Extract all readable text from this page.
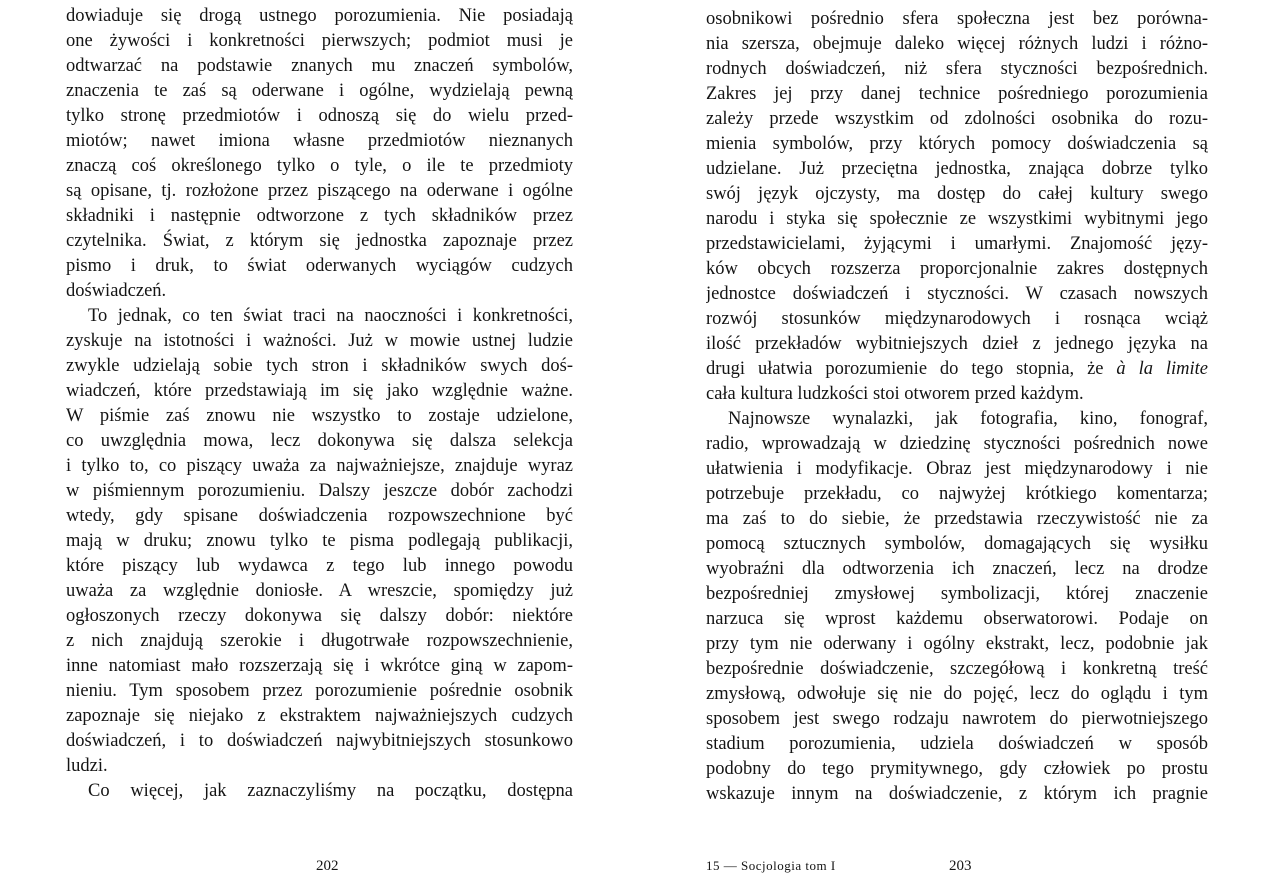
dowiaduje się drogą ustnego porozumienia. Nie posiadają
one żywości i konkretności pierwszych; podmiot musi je
odtwarzać na podstawie znanych mu znaczeń symbolów,
znaczenia te zaś są oderwane i ogólne, wydzielają pewną
tylko stronę przedmiotów i odnoszą się do wielu przed-
miotów; nawet imiona własne przedmiotów nieznanych
znaczą coś określonego tylko o tyle, o ile te przedmioty
są opisane, tj. rozłożone przez piszącego na oderwane i ogólne
składniki i następnie odtworzone z tych składników przez
czytelnika. Świat, z którym się jednostka zapoznaje przez
pismo i druk, to świat oderwanych wyciągów cudzych
doświadczeń.
To jednak, co ten świat traci na naoczności i konkretności,
zyskuje na istotności i ważności. Już w mowie ustnej ludzie
zwykle udzielają sobie tych stron i składników swych doś-
wiadczeń, które przedstawiają im się jako względnie ważne.
W piśmie zaś znowu nie wszystko to zostaje udzielone,
co uwzględnia mowa, lecz dokonywa się dalsza selekcja
i tylko to, co piszący uważa za najważniejsze, znajduje wyraz
w piśmiennym porozumieniu. Dalszy jeszcze dobór zachodzi
wtedy, gdy spisane doświadczenia rozpowszechnione być
mają w druku; znowu tylko te pisma podlegają publikacji,
które piszący lub wydawca z tego lub innego powodu
uważa za względnie doniosłe. A wreszcie, spomiędzy już
ogłoszonych rzeczy dokonywa się dalszy dobór: niektóre
z nich znajdują szerokie i długotrwałe rozpowszechnienie,
inne natomiast mało rozszerzają się i wkrótce giną w zapom-
nieniu. Tym sposobem przez porozumienie pośrednie osobnik
zapoznaje się niejako z ekstraktem najważniejszych cudzych
doświadczeń, i to doświadczeń najwybitniejszych stosunkowo
ludzi.
Co więcej, jak zaznaczyliśmy na początku, dostępna
202
osobnikowi pośrednio sfera społeczna jest bez porówna-
nia szersza, obejmuje daleko więcej różnych ludzi i różno-
rodnych doświadczeń, niż sfera styczności bezpośrednich.
Zakres jej przy danej technice pośredniego porozumienia
zależy przede wszystkim od zdolności osobnika do rozu-
mienia symbolów, przy których pomocy doświadczenia są
udzielane. Już przeciętna jednostka, znająca dobrze tylko
swój język ojczysty, ma dostęp do całej kultury swego
narodu i styka się społecznie ze wszystkimi wybitnymi jego
przedstawicielami, żyjącymi i umarłymi. Znajomość języ-
ków obcych rozszerza proporcjonalnie zakres dostępnych
jednostce doświadczeń i styczności. W czasach nowszych
rozwój stosunków międzynarodowych i rosnąca wciąż
ilość przekładów wybitniejszych dzieł z jednego języka na
drugi ułatwia porozumienie do tego stopnia, że à la limite
cała kultura ludzkości stoi otworem przed każdym.
Najnowsze wynalazki, jak fotografia, kino, fonograf,
radio, wprowadzają w dziedzinę styczności pośrednich nowe
ułatwienia i modyfikacje. Obraz jest międzynarodowy i nie
potrzebuje przekładu, co najwyżej krótkiego komentarza;
ma zaś to do siebie, że przedstawia rzeczywistość nie za
pomocą sztucznych symbolów, domagających się wysiłku
wyobraźni dla odtworzenia ich znaczeń, lecz na drodze
bezpośredniej zmysłowej symbolizacji, której znaczenie
narzuca się wprost każdemu obserwatorowi. Podaje on
przy tym nie oderwany i ogólny ekstrakt, lecz, podobnie jak
bezpośrednie doświadczenie, szczegółową i konkretną treść
zmysłową, odwołuje się nie do pojęć, lecz do oglądu i tym
sposobem jest swego rodzaju nawrotem do pierwotniejszego
stadium porozumienia, udziela doświadczeń w sposób
podobny do tego prymitywnego, gdy człowiek po prostu
wskazuje innym na doświadczenie, z którym ich pragnie
15 — Socjologia tom I	203
